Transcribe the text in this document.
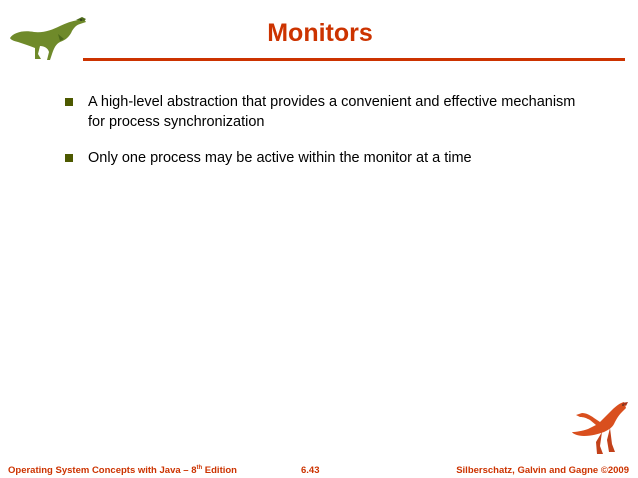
Monitors
A high-level abstraction that provides a convenient and effective mechanism for process synchronization
Only one process may be active within the monitor at a time
Operating System Concepts with Java – 8th Edition	6.43	Silberschatz, Galvin and Gagne ©2009
